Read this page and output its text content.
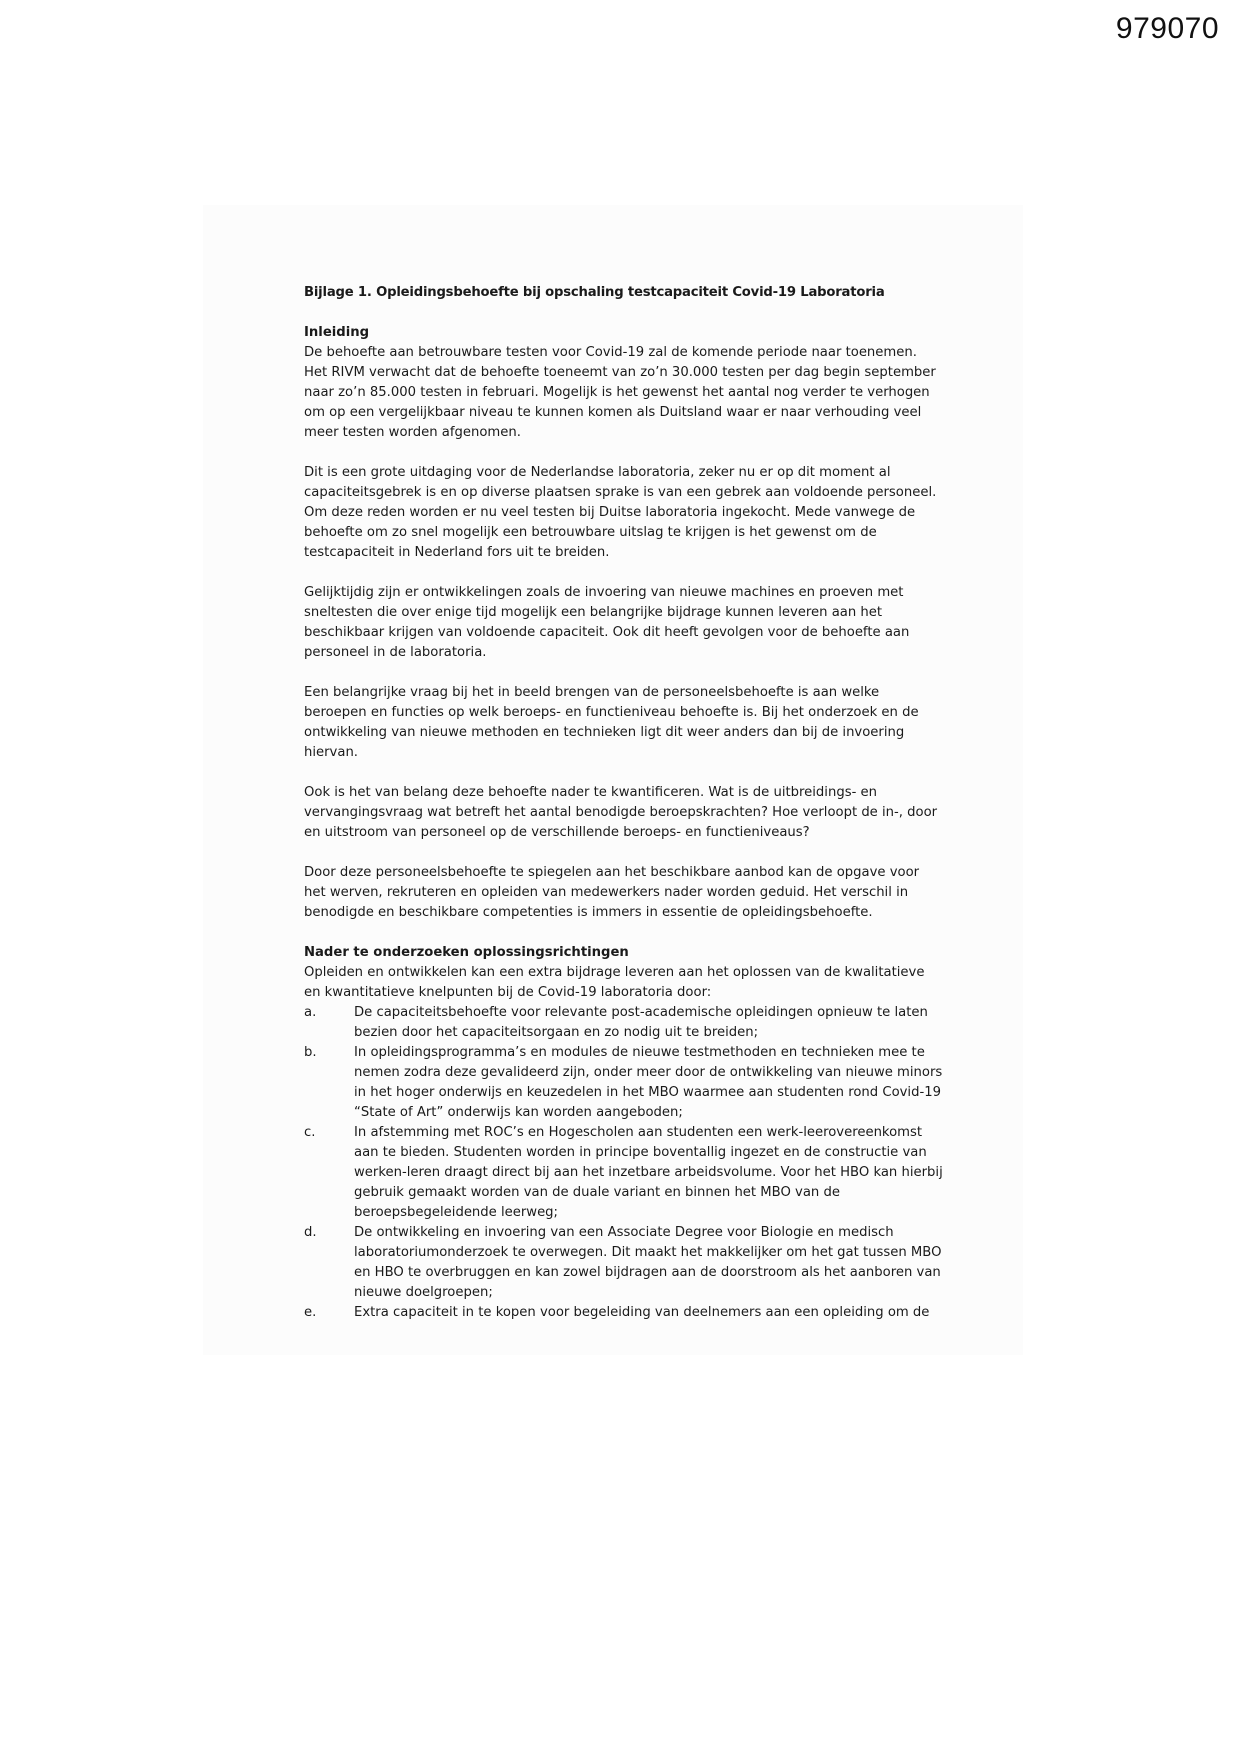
979070
Bijlage 1. Opleidingsbehoefte bij opschaling testcapaciteit Covid-19 Laboratoria
Inleiding

De behoefte aan betrouwbare testen voor Covid-19 zal de komende periode naar toenemen. Het RIVM verwacht dat de behoefte toeneemt van zo’n 30.000 testen per dag begin september naar zo’n 85.000 testen in februari. Mogelijk is het gewenst het aantal nog verder te verhogen om op een vergelijkbaar niveau te kunnen komen als Duitsland waar er naar verhouding veel meer testen worden afgenomen.

Dit is een grote uitdaging voor de Nederlandse laboratoria, zeker nu er op dit moment al capaciteitsgebrek is en op diverse plaatsen sprake is van een gebrek aan voldoende personeel. Om deze reden worden er nu veel testen bij Duitse laboratoria ingekocht. Mede vanwege de behoefte om zo snel mogelijk een betrouwbare uitslag te krijgen is het gewenst om de testcapaciteit in Nederland fors uit te breiden.

Gelijktijdig zijn er ontwikkelingen zoals de invoering van nieuwe machines en proeven met sneltesten die over enige tijd mogelijk een belangrijke bijdrage kunnen leveren aan het beschikbaar krijgen van voldoende capaciteit. Ook dit heeft gevolgen voor de behoefte aan personeel in de laboratoria.

Een belangrijke vraag bij het in beeld brengen van de personeelsbehoefte is aan welke beroepen en functies op welk beroeps- en functieniveau behoefte is. Bij het onderzoek en de ontwikkeling van nieuwe methoden en technieken ligt dit weer anders dan bij de invoering hiervan.

Ook is het van belang deze behoefte nader te kwantificeren. Wat is de uitbreidings- en vervangingsvraag wat betreft het aantal benodigde beroepskrachten? Hoe verloopt de in-, door en uitstroom van personeel op de verschillende beroeps- en functieniveaus?

Door deze personeelsbehoefte te spiegelen aan het beschikbare aanbod kan de opgave voor het werven, rekruteren en opleiden van medewerkers nader worden geduid. Het verschil in benodigde en beschikbare competenties is immers in essentie de opleidingsbehoefte.

Nader te onderzoeken oplossingsrichtingen
Opleiden en ontwikkelen kan een extra bijdrage leveren aan het oplossen van de kwalitatieve en kwantitatieve knelpunten bij de Covid-19 laboratoria door:
a.	De capaciteitsbehoefte voor relevante post-academische opleidingen opnieuw te laten bezien door het capaciteitsorgaan en zo nodig uit te breiden;
b.	In opleidingsprogramma’s en modules de nieuwe testmethoden en technieken mee te nemen zodra deze gevalideerd zijn, onder meer door de ontwikkeling van nieuwe minors in het hoger onderwijs en keuzedelen in het MBO waarmee aan studenten rond Covid-19 “State of Art” onderwijs kan worden aangeboden;
c.	In afstemming met ROC’s en Hogescholen aan studenten een werk-leerovereenkomst aan te bieden. Studenten worden in principe boventallig ingezet en de constructie van werken-leren draagt direct bij aan het inzetbare arbeidsvolume. Voor het HBO kan hierbij gebruik gemaakt worden van de duale variant en binnen het MBO van de beroepsbegeleidende leerweg;
d.	De ontwikkeling en invoering van een Associate Degree voor Biologie en medisch laboratoriumonderzoek te overwegen. Dit maakt het makkelijker om het gat tussen MBO en HBO te overbruggen en kan zowel bijdragen aan de doorstroom als het aanboren van nieuwe doelgroepen;
e.	Extra capaciteit in te kopen voor begeleiding van deelnemers aan een opleiding om de
